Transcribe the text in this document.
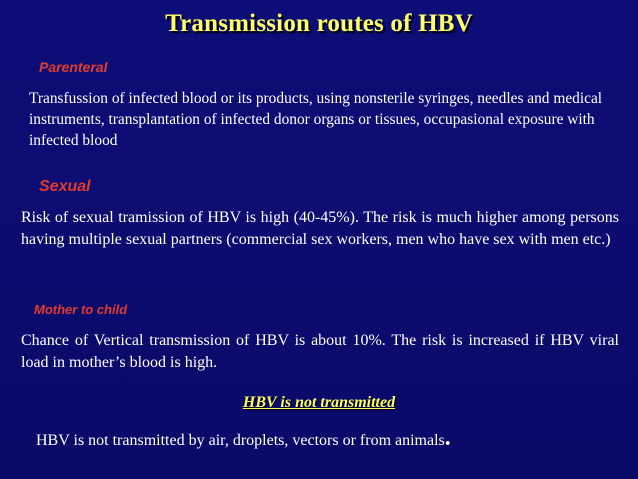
Transmission routes of HBV
Parenteral
Transfussion of infected blood or its products, using nonsterile syringes, needles and medical instruments, transplantation of infected donor organs or tissues, occupasional exposure with infected blood
Sexual
Risk of sexual tramission of HBV is high (40-45%). The risk is much higher among persons having multiple sexual partners (commercial sex workers, men who have sex with men etc.)
Mother to child
Chance of Vertical transmission of HBV is about 10%. The risk is increased if HBV viral load in mother’s blood is high.
HBV is not transmitted
HBV is not transmitted by air, droplets, vectors or from animals.
